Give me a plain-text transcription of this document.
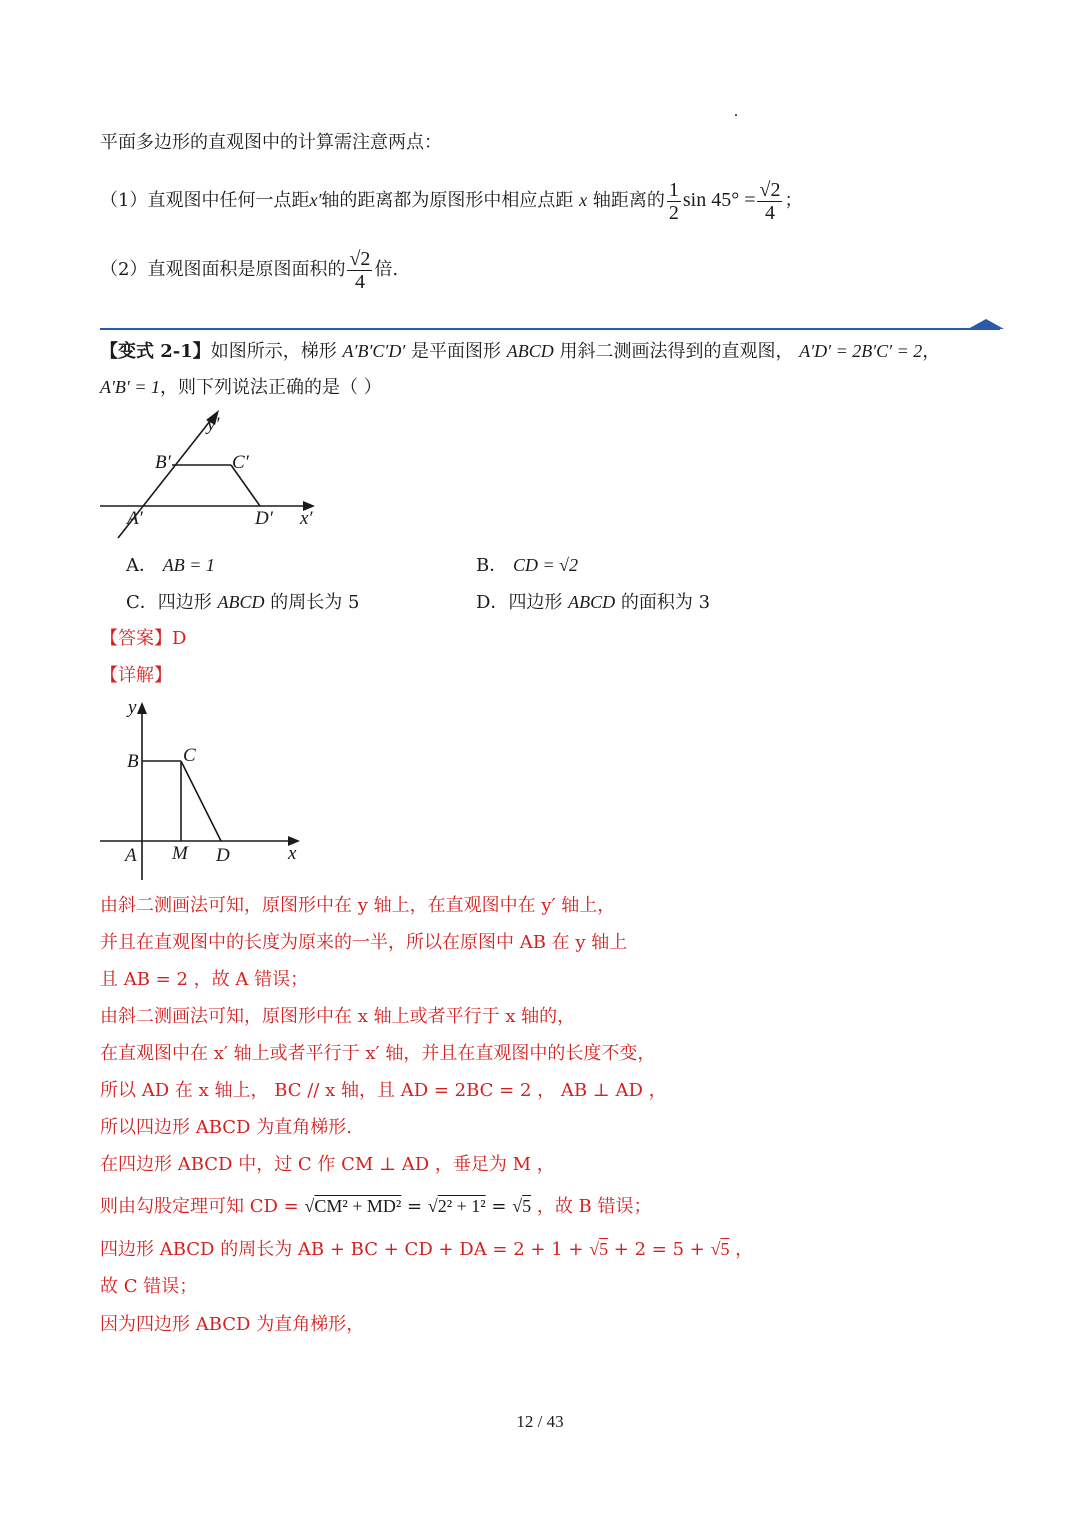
平面多边形的直观图中的计算需注意两点：
（1）直观图中任何一点距x′轴的距离都为原图形中相应点距 x 轴距离的 $\frac{1}{2}$ $\sin 45^\circ = \frac{√2}{4}$ ；
（2）直观图面积是原图面积的 $\frac{√2}{4}$ 倍.
【变式 2-1】如图所示，梯形 A′B′C′D′ 是平面图形 ABCD 用斜二测画法得到的直观图， A′D′ = 2B′C′ = 2，
A′B′ = 1，则下列说法正确的是（ ）
y′
x′
A′
B′	C′
D′
A． AB = 1	B． CD = √2
C．四边形 ABCD 的周长为 5	D．四边形 ABCD 的面积为 3
【答案】D
【详解】
y
x
A
B C
M D
由斜二测画法可知，原图形中在 y 轴上，在直观图中在 y′ 轴上，
并且在直观图中的长度为原来的一半，所以在原图中 AB 在 y 轴上
且 AB = 2 ，故 A 错误；
由斜二测画法可知，原图形中在 x 轴上或者平行于 x 轴的，
在直观图中在 x′ 轴上或者平行于 x′ 轴，并且在直观图中的长度不变，
所以 AD 在 x 轴上， BC // x 轴，且 AD = 2BC = 2 ， AB ⊥ AD ，
所以四边形 ABCD 为直角梯形.
在四边形 ABCD 中，过 C 作 CM ⊥ AD ，垂足为 M ，
则由勾股定理可知 CD = √CM² + MD² = √2² + 1² = √5 ，故 B 错误；
四边形 ABCD 的周长为 AB + BC + CD + DA = 2 + 1 + √5 + 2 = 5 + √5 ，
故 C 错误；
因为四边形 ABCD 为直角梯形，
12 / 43
